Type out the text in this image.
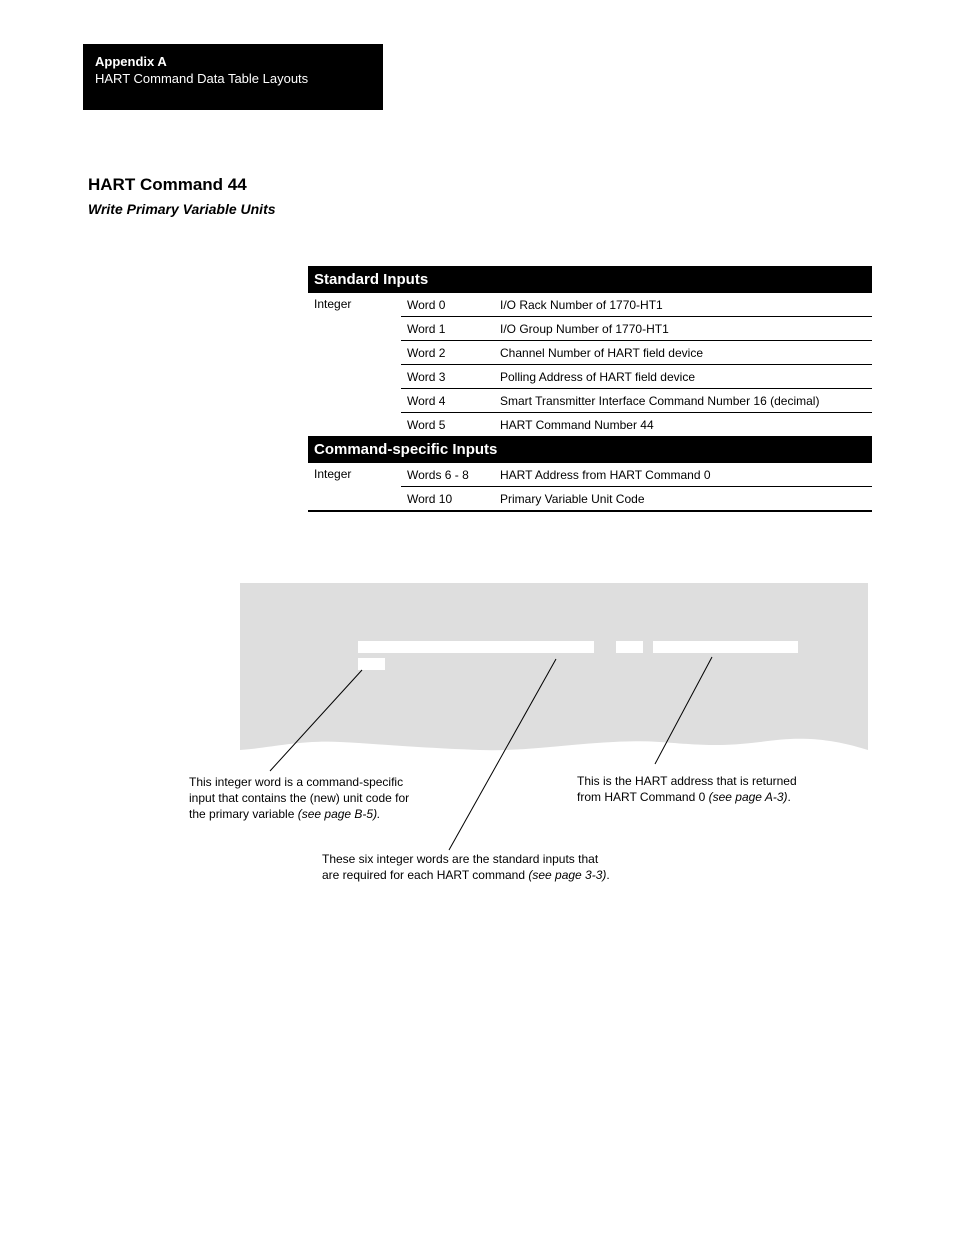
Appendix A
HART Command Data Table Layouts
HART Command 44
Write Primary Variable Units
Standard Inputs		
Integer	Word 0	I/O Rack Number of 1770-HT1
	Word 1	I/O Group Number of 1770-HT1
	Word 2	Channel Number of HART field device
	Word 3	Polling Address of HART field device
	Word 4	Smart Transmitter Interface Command Number 16 (decimal)
	Word 5	HART Command Number 44
Command-specific Inputs		
Integer	Words 6 - 8	HART Address from HART Command 0
	Word 10	Primary Variable Unit Code
This integer word is a command-specific
input that contains the (new) unit code for
the primary variable (see page B-5).
This is the HART address that is returned
from HART Command 0 (see page A-3).
These six integer words are the standard inputs that
are required for each HART command (see page 3-3).
